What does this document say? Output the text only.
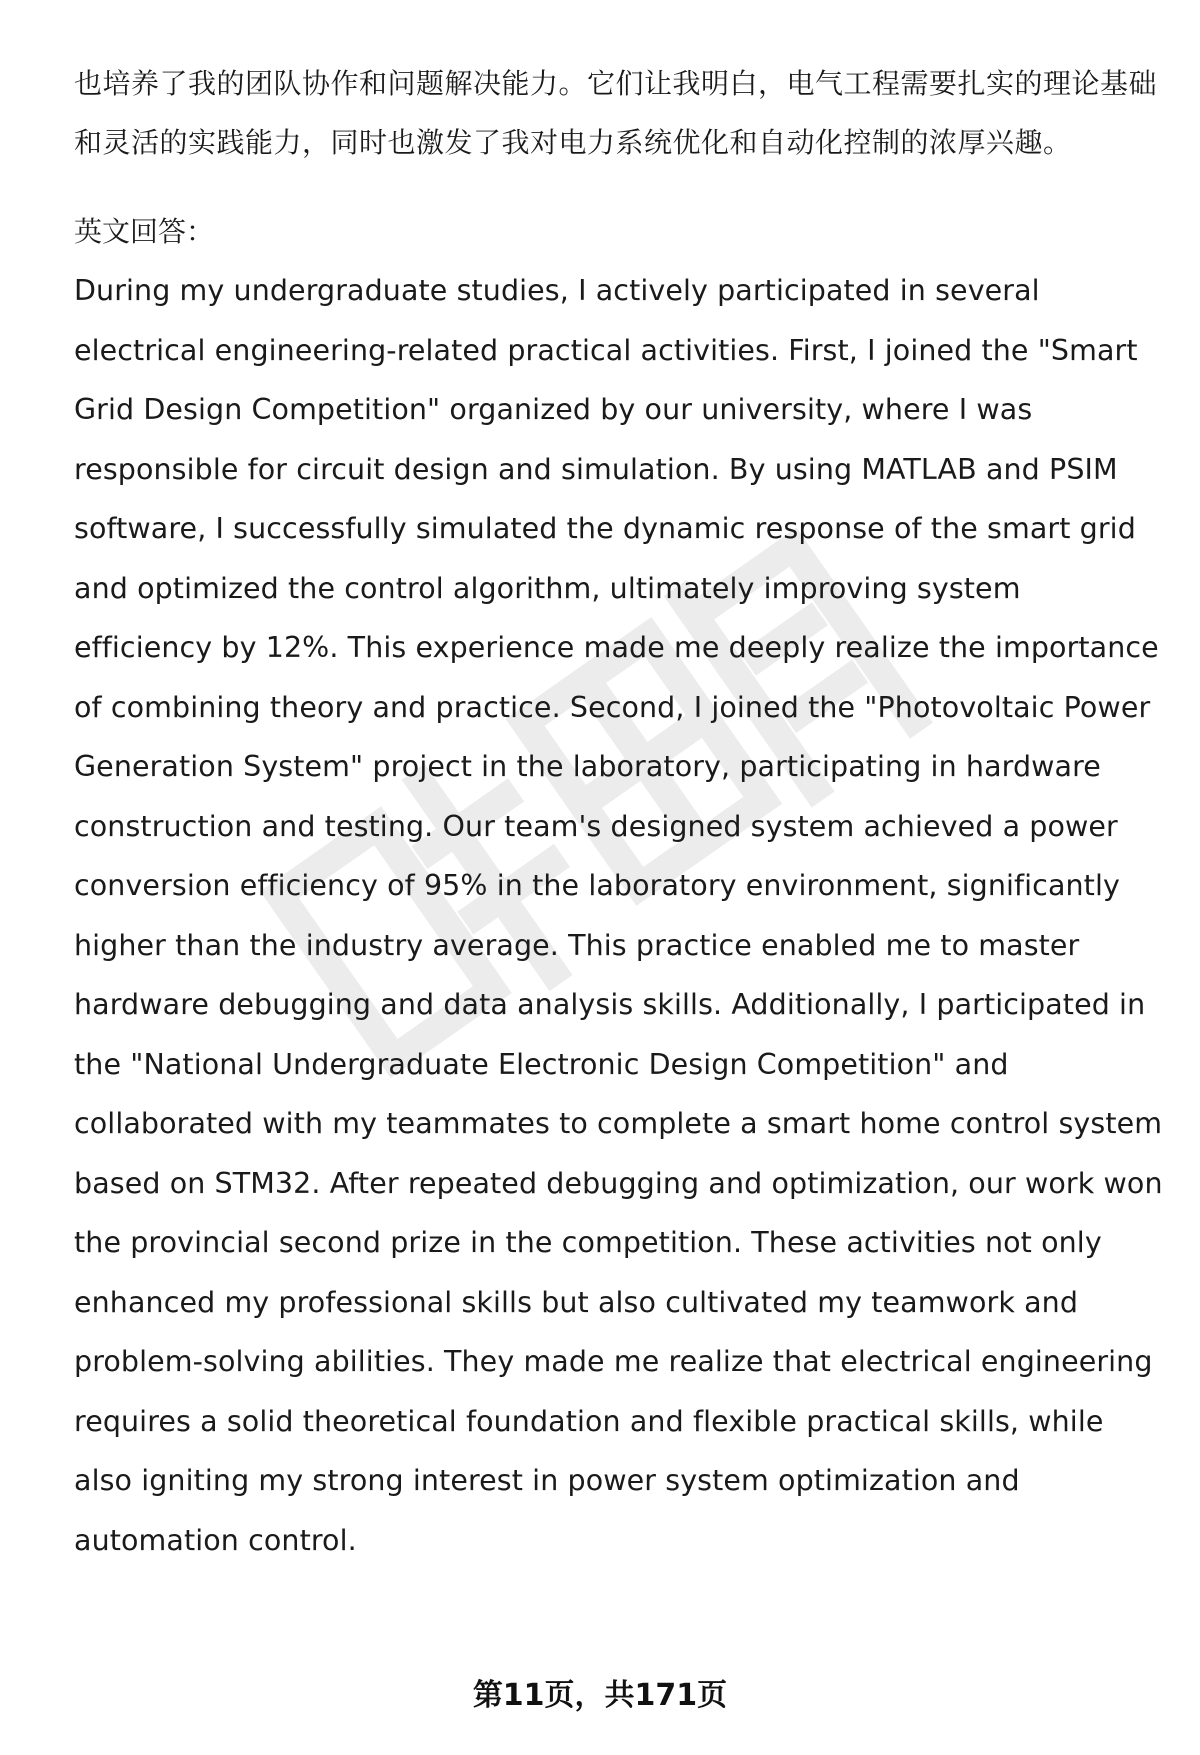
也培养了我的团队协作和问题解决能力。它们让我明白，电气工程需要扎实的理论基础和灵活的实践能力，同时也激发了我对电力系统优化和自动化控制的浓厚兴趣。

英文回答：

During my undergraduate studies, I actively participated in several electrical engineering-related practical activities. First, I joined the "Smart Grid Design Competition" organized by our university, where I was responsible for circuit design and simulation. By using MATLAB and PSIM software, I successfully simulated the dynamic response of the smart grid and optimized the control algorithm, ultimately improving system efficiency by 12%. This experience made me deeply realize the importance of combining theory and practice. Second, I joined the "Photovoltaic Power Generation System" project in the laboratory, participating in hardware construction and testing. Our team's designed system achieved a power conversion efficiency of 95% in the laboratory environment, significantly higher than the industry average. This practice enabled me to master hardware debugging and data analysis skills. Additionally, I participated in the "National Undergraduate Electronic Design Competition" and collaborated with my teammates to complete a smart home control system based on STM32. After repeated debugging and optimization, our work won the provincial second prize in the competition. These activities not only enhanced my professional skills but also cultivated my teamwork and problem-solving abilities. They made me realize that electrical engineering requires a solid theoretical foundation and flexible practical skills, while also igniting my strong interest in power system optimization and automation control.

第11页，共171页
